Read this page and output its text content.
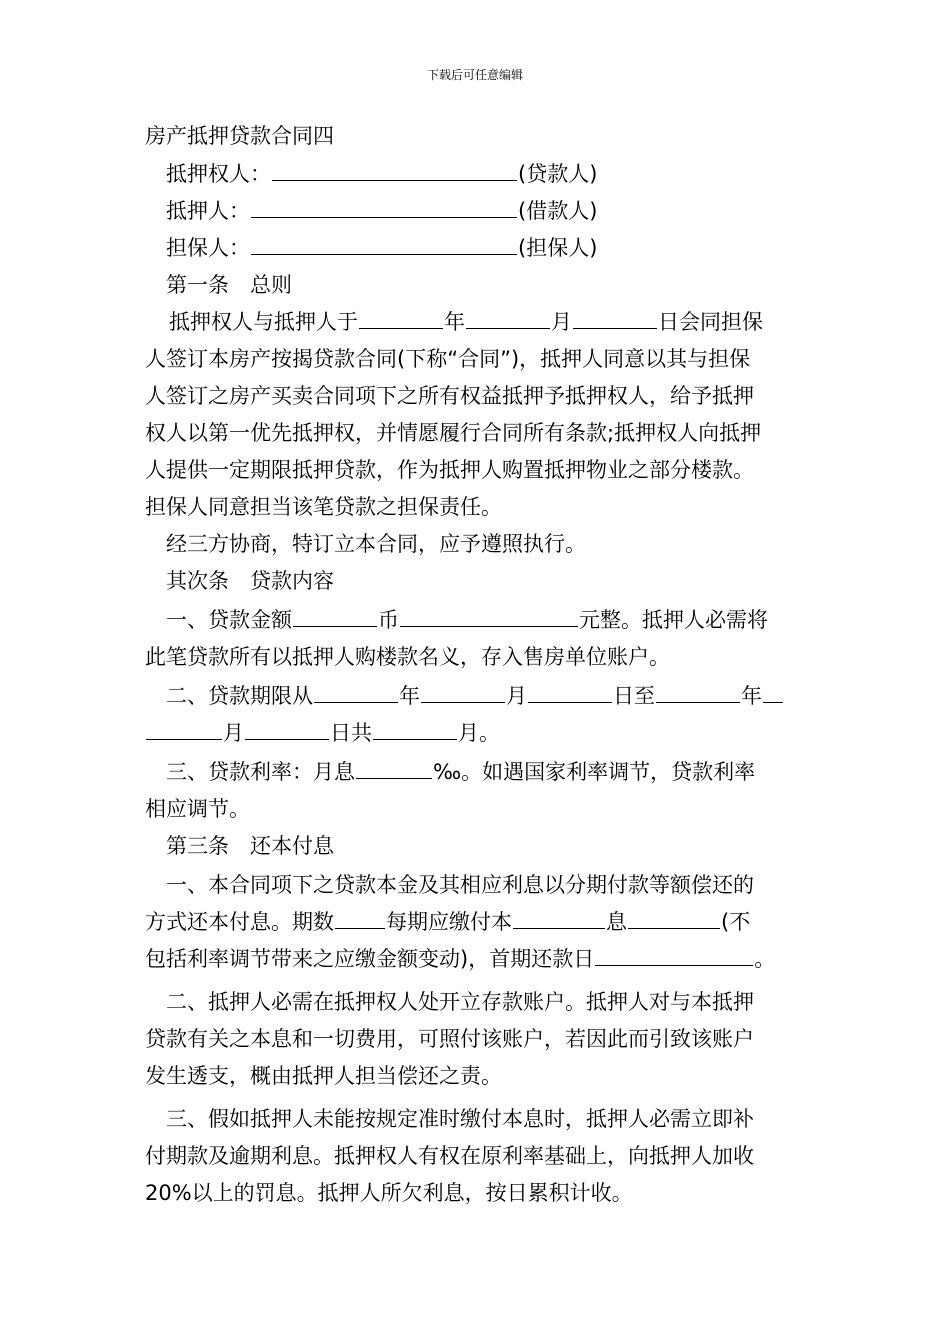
下载后可任意编辑
房产抵押贷款合同四
抵押权人：	(贷款人)
抵押人：	(借款人)
担保人：	(担保人)
第一条　总则
抵押权人与抵押人于	年	月	日会同担保
人签订本房产按揭贷款合同(下称“合同”)，抵押人同意以其与担保
人签订之房产买卖合同项下之所有权益抵押予抵押权人，给予抵押
权人以第一优先抵押权，并情愿履行合同所有条款;抵押权人向抵押
人提供一定期限抵押贷款，作为抵押人购置抵押物业之部分楼款。
担保人同意担当该笔贷款之担保责任。
经三方协商，特订立本合同，应予遵照执行。
其次条　贷款内容
一、贷款金额	币	元整。抵押人必需将
此笔贷款所有以抵押人购楼款名义，存入售房单位账户。
二、贷款期限从	年	月	日至	年
月	日共	月。
三、贷款利率：月息	‰。如遇国家利率调节，贷款利率
相应调节。
第三条　还本付息
一、本合同项下之贷款本金及其相应利息以分期付款等额偿还的
方式还本付息。期数 每期应缴付本	息	(不
包括利率调节带来之应缴金额变动)，首期还款日	。
二、抵押人必需在抵押权人处开立存款账户。抵押人对与本抵押
贷款有关之本息和一切费用，可照付该账户，若因此而引致该账户
发生透支，概由抵押人担当偿还之责。
三、假如抵押人未能按规定准时缴付本息时，抵押人必需立即补
付期款及逾期利息。抵押权人有权在原利率基础上，向抵押人加收
20%以上的罚息。抵押人所欠利息，按日累积计收。
